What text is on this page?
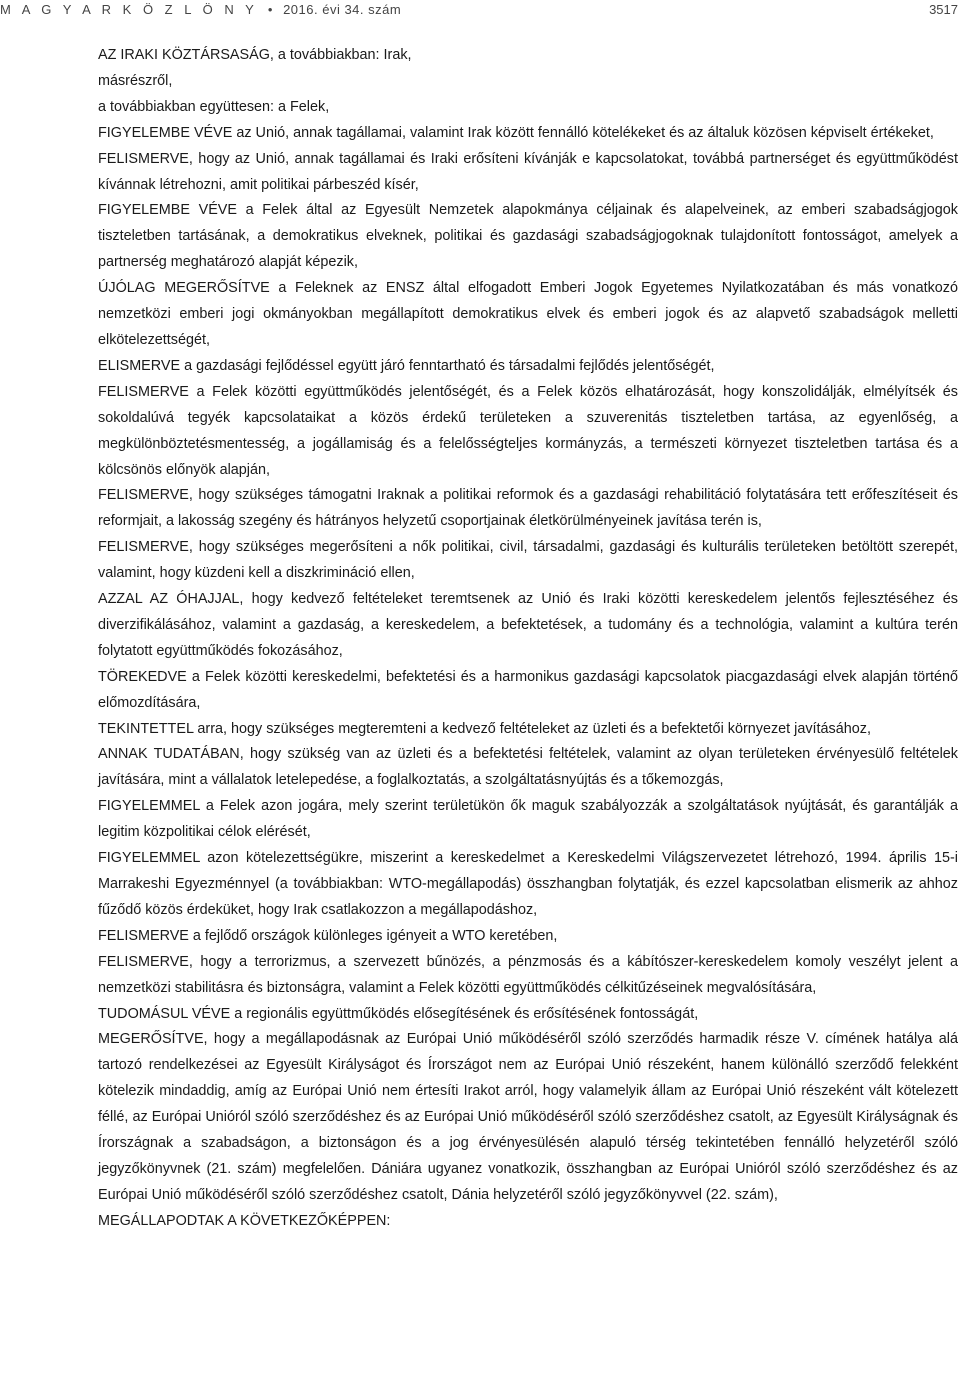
M A G Y A R K Ö Z L Ö N Y • 2016. évi 34. szám	3517

AZ IRAKI KÖZTÁRSASÁG, a továbbiakban: Irak,

másrészről,

a továbbiakban együttesen: a Felek,

FIGYELEMBE VÉVE az Unió, annak tagállamai, valamint Irak között fennálló kötelékeket és az általuk közösen képviselt értékeket,

FELISMERVE, hogy az Unió, annak tagállamai és Iraki erősíteni kívánják e kapcsolatokat, továbbá partnerséget és együttműködést kívánnak létrehozni, amit politikai párbeszéd kísér,

FIGYELEMBE VÉVE a Felek által az Egyesült Nemzetek alapokmánya céljainak és alapelveinek, az emberi szabadságjogok tiszteletben tartásának, a demokratikus elveknek, politikai és gazdasági szabadságjogoknak tulajdonított fontosságot, amelyek a partnerség meghatározó alapját képezik,

ÚJÓLAG MEGERŐSÍTVE a Feleknek az ENSZ által elfogadott Emberi Jogok Egyetemes Nyilatkozatában és más vonatkozó nemzetközi emberi jogi okmányokban megállapított demokratikus elvek és emberi jogok és az alapvető szabadságok melletti elkötelezettségét,

ELISMERVE a gazdasági fejlődéssel együtt járó fenntartható és társadalmi fejlődés jelentőségét,

FELISMERVE a Felek közötti együttműködés jelentőségét, és a Felek közös elhatározását, hogy konszolidálják, elmélyítsék és sokoldalúvá tegyék kapcsolataikat a közös érdekű területeken a szuverenitás tiszteletben tartása, az egyenlőség, a megkülönböztetésmentesség, a jogállamiság és a felelősségteljes kormányzás, a természeti környezet tiszteletben tartása és a kölcsönös előnyök alapján,

FELISMERVE, hogy szükséges támogatni Iraknak a politikai reformok és a gazdasági rehabilitáció folytatására tett erőfeszítéseit és reformjait, a lakosság szegény és hátrányos helyzetű csoportjainak életkörülményeinek javítása terén is,

FELISMERVE, hogy szükséges megerősíteni a nők politikai, civil, társadalmi, gazdasági és kulturális területeken betöltött szerepét, valamint, hogy küzdeni kell a diszkrimináció ellen,

AZZAL AZ ÓHAJJAL, hogy kedvező feltételeket teremtsenek az Unió és Iraki közötti kereskedelem jelentős fejlesztéséhez és diverzifikálásához, valamint a gazdaság, a kereskedelem, a befektetések, a tudomány és a technológia, valamint a kultúra terén folytatott együttműködés fokozásához,

TÖREKEDVE a Felek közötti kereskedelmi, befektetési és a harmonikus gazdasági kapcsolatok piacgazdasági elvek alapján történő előmozdítására,

TEKINTETTEL arra, hogy szükséges megteremteni a kedvező feltételeket az üzleti és a befektetői környezet javításához,

ANNAK TUDATÁBAN, hogy szükség van az üzleti és a befektetési feltételek, valamint az olyan területeken érvényesülő feltételek javítására, mint a vállalatok letelepedése, a foglalkoztatás, a szolgáltatásnyújtás és a tőkemozgás,

FIGYELEMMEL a Felek azon jogára, mely szerint területükön ők maguk szabályozzák a szolgáltatások nyújtását, és garantálják a legitim közpolitikai célok elérését,

FIGYELEMMEL azon kötelezettségükre, miszerint a kereskedelmet a Kereskedelmi Világszervezetet létrehozó, 1994. április 15-i Marrakeshi Egyezménnyel (a továbbiakban: WTO-megállapodás) összhangban folytatják, és ezzel kapcsolatban elismerik az ahhoz fűződő közös érdeküket, hogy Irak csatlakozzon a megállapodáshoz,

FELISMERVE a fejlődő országok különleges igényeit a WTO keretében,

FELISMERVE, hogy a terrorizmus, a szervezett bűnözés, a pénzmosás és a kábítószer-kereskedelem komoly veszélyt jelent a nemzetközi stabilitásra és biztonságra, valamint a Felek közötti együttműködés célkitűzéseinek megvalósítására,

TUDOMÁSUL VÉVE a regionális együttműködés elősegítésének és erősítésének fontosságát,

MEGERŐSÍTVE, hogy a megállapodásnak az Európai Unió működéséről szóló szerződés harmadik része V. címének hatálya alá tartozó rendelkezései az Egyesült Királyságot és Írországot nem az Európai Unió részeként, hanem különálló szerződő felekként kötelezik mindaddig, amíg az Európai Unió nem értesíti Irakot arról, hogy valamelyik állam az Európai Unió részeként vált kötelezett féllé, az Európai Unióról szóló szerződéshez és az Európai Unió működéséről szóló szerződéshez csatolt, az Egyesült Királyságnak és Írországnak a szabadságon, a biztonságon és a jog érvényesülésén alapuló térség tekintetében fennálló helyzetéről szóló jegyzőkönyvnek (21. szám) megfelelően. Dániára ugyanez vonatkozik, összhangban az Európai Unióról szóló szerződéshez és az Európai Unió működéséről szóló szerződéshez csatolt, Dánia helyzetéről szóló jegyzőkönyvvel (22. szám),

MEGÁLLAPODTAK A KÖVETKEZŐKÉPPEN:
